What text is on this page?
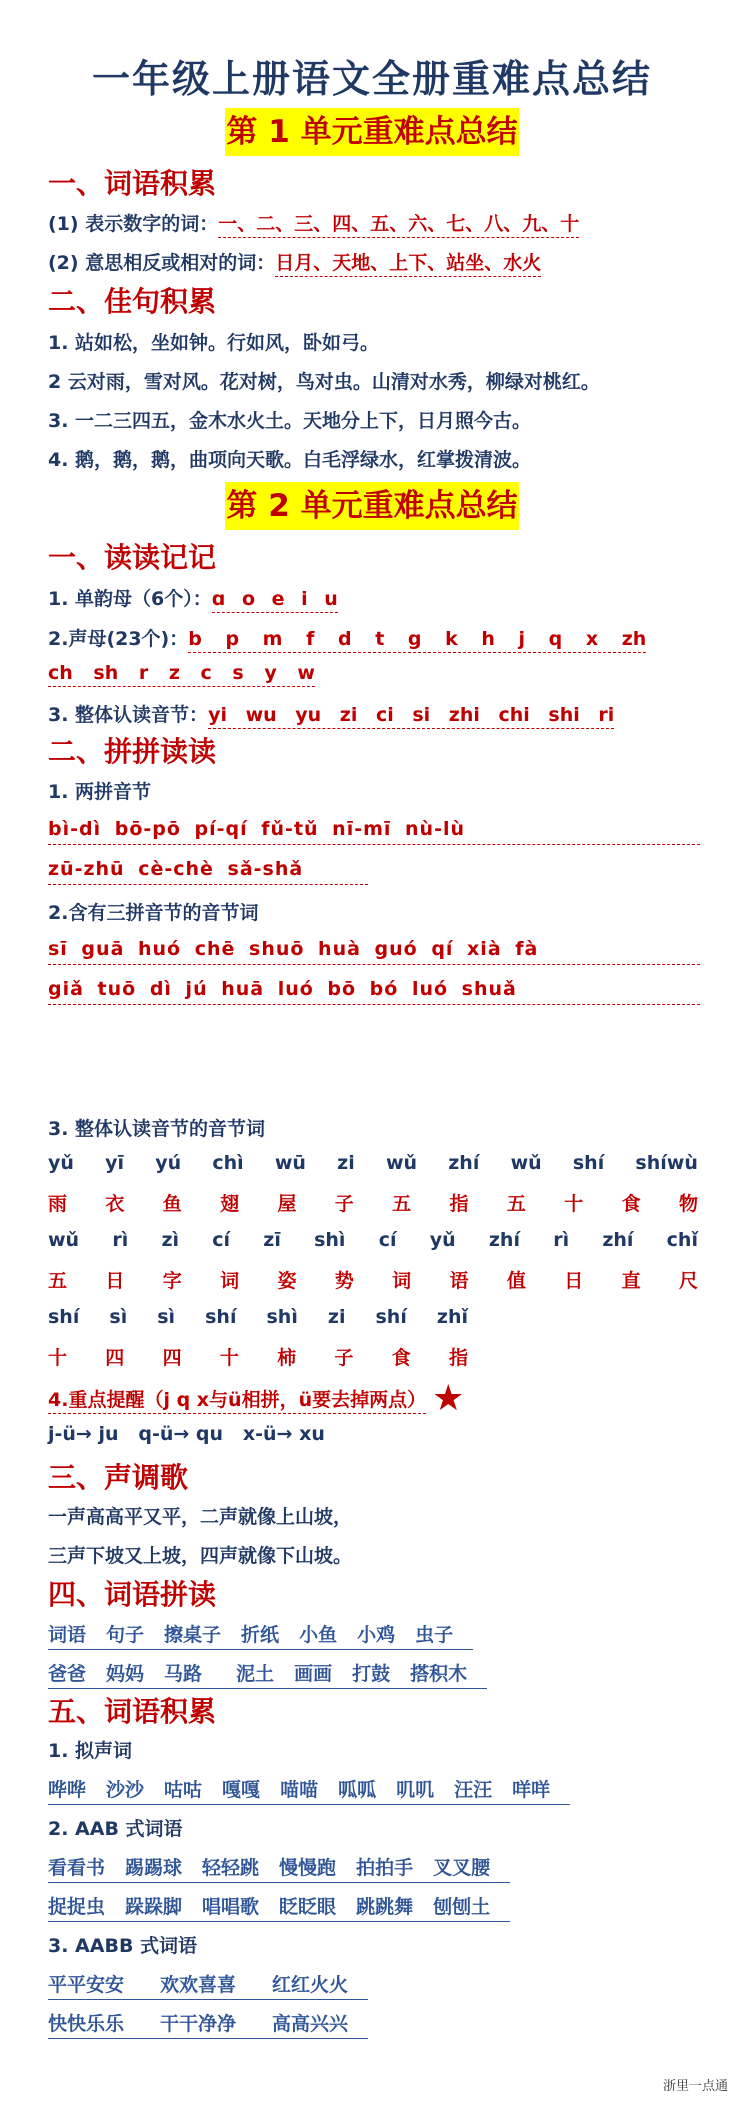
一年级上册语文全册重难点总结
第 1 单元重难点总结
一、词语积累
(1) 表示数字的词：一、二、三、四、五、六、七、八、九、十
(2) 意思相反或相对的词：日月、天地、上下、站坐、水火
二、佳句积累
1. 站如松，坐如钟。行如风，卧如弓。
2 云对雨，雪对风。花对树，鸟对虫。山清对水秀，柳绿对桃红。
3. 一二三四五，金木水火土。天地分上下，日月照今古。
4. 鹅，鹅，鹅，曲项向天歌。白毛浮绿水，红掌拨清波。
第 2 单元重难点总结
一、读读记记
1. 单韵母（6个）：ɑ o e i u
2.声母(23个)：b p m f d t g k h j q x zh
ch sh r z c s y w
3. 整体认读音节：yi wu yu zi ci si zhi chi shi ri
二、拼拼读读
1. 两拼音节
bì-dì bō-pō pí-qí fǔ-tǔ nī-mī nù-lù
zū-zhū cè-chè sǎ-shǎ
2.含有三拼音节的音节词
sī guā huó chē shuō huà guó qí xià fà
giǎ tuō dì jú huā luó bō bó luó shuǎ
3. 整体认读音节的音节词
yǔ yī yú chì wū zi wǔ zhí wǔ shí shíwù
雨 衣 鱼 翅 屋 子 五 指 五 十 食 物
wǔ rì zì cí zī shì cí yǔ zhí rì zhí chǐ
五 日 字 词 姿 势 词 语 值 日 直 尺
shí sì sì shí shì zi shí zhǐ
十 四 四 十 柿 子 食 指
4.重点提醒（j q x与ü相拼，ü要去掉两点） ★
j-ü→ ju   q-ü→ qu   x-ü→ xu
三、声调歌
一声高高平又平，二声就像上山坡，
三声下坡又上坡，四声就像下山坡。
四、词语拼读
词语 句子 擦桌子 折纸 小鱼 小鸡 虫子
爸爸 妈妈 马路 泥土 画画 打鼓 搭积木
五、词语积累
1. 拟声词
哗哗 沙沙 咕咕 嘎嘎 喵喵 呱呱 叽叽 汪汪 咩咩
2. AAB 式词语
看看书 踢踢球 轻轻跳 慢慢跑 拍拍手 叉叉腰
捉捉虫 跺跺脚 唱唱歌 眨眨眼 跳跳舞 刨刨土
3. AABB 式词语
平平安安 欢欢喜喜 红红火火
快快乐乐 干干净净 高高兴兴
浙里一点通
